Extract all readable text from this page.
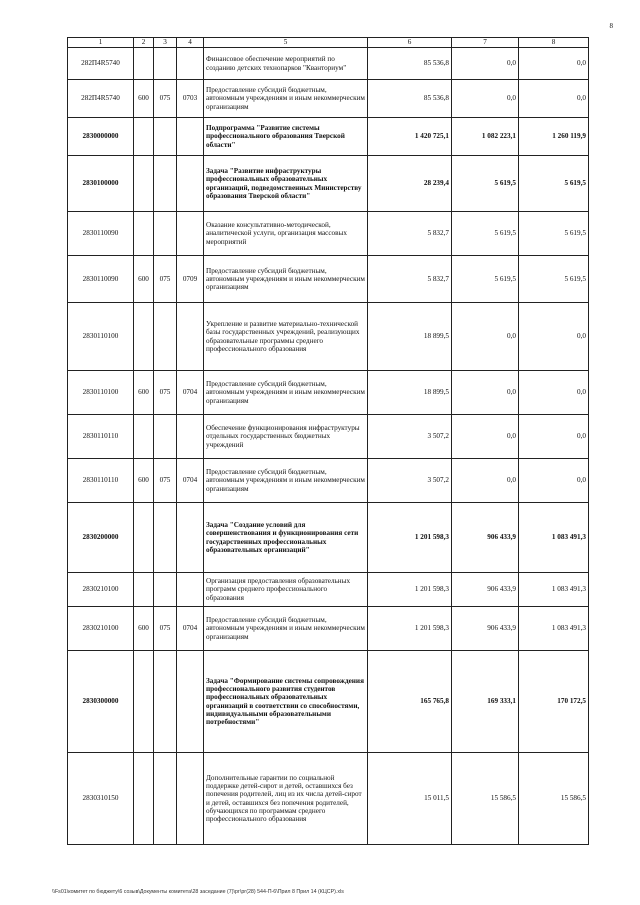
8
1	2	3	4	5	6	7	8
282П4R5740				Финансовое обеспечение мероприятий по созданию детских технопарков "Кванториум"	85 536,8	0,0	0,0
282П4R5740	600	075	0703	Предоставление субсидий бюджетным, автономным учреждениям и иным некоммерческим организациям	85 536,8	0,0	0,0
2830000000				Подпрограмма "Развитие системы профессионального образования Тверской области"	1 420 725,1	1 082 223,1	1 260 119,9
2830100000				Задача "Развитие инфраструктуры профессиональных образовательных организаций, подведомственных Министерству образования Тверской области"	28 239,4	5 619,5	5 619,5
2830110090				Оказание консультативно-методической, аналитической услуги, организация массовых мероприятий	5 832,7	5 619,5	5 619,5
2830110090	600	075	0709	Предоставление субсидий бюджетным, автономным учреждениям и иным некоммерческим организациям	5 832,7	5 619,5	5 619,5
2830110100				Укрепление и развитие материально-технической базы государственных учреждений, реализующих образовательные программы среднего профессионального образования	18 899,5	0,0	0,0
2830110100	600	075	0704	Предоставление субсидий бюджетным, автономным учреждениям и иным некоммерческим организациям	18 899,5	0,0	0,0
2830110110				Обеспечение функционирования инфраструктуры отдельных государственных бюджетных учреждений	3 507,2	0,0	0,0
2830110110	600	075	0704	Предоставление субсидий бюджетным, автономным учреждениям и иным некоммерческим организациям	3 507,2	0,0	0,0
2830200000				Задача "Создание условий для совершенствования и функционирования сети государственных профессиональных образовательных организаций"	1 201 598,3	906 433,9	1 083 491,3
2830210100				Организация предоставления образовательных программ среднего профессионального образования	1 201 598,3	906 433,9	1 083 491,3
2830210100	600	075	0704	Предоставление субсидий бюджетным, автономным учреждениям и иным некоммерческим организациям	1 201 598,3	906 433,9	1 083 491,3
2830300000				Задача "Формирование системы сопровождения профессионального развития студентов профессиональных образовательных организаций в соответствии со способностями, индивидуальными образовательными потребностями"	165 765,8	169 333,1	170 172,5
2830310150				Дополнительные гарантии по социальной поддержке детей-сирот и детей, оставшихся без попечения родителей, лиц из их числа детей-сирот и детей, оставшихся без попечения родителей, обучающихся по программам среднего профессионального образования	15 011,5	15 586,5	15 586,5
\\Fs01\комитет по бюджету\6 созыв\Документы комитета\28 заседание (7)\рг\рг(28) 544-П-6\Прил 8 Прил 14 (КЦСР).xls
